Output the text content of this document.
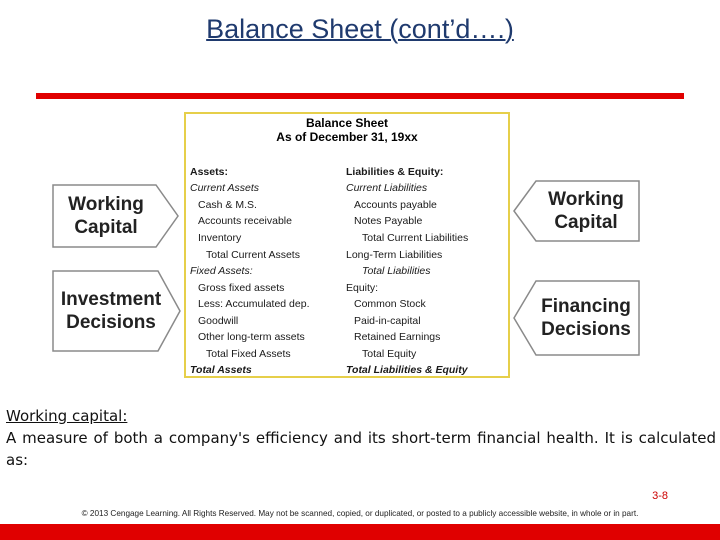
Balance Sheet (cont’d….)
Working
Capital
Investment
Decisions
Working
Capital
Financing
Decisions
Balance Sheet
As of December 31, 19xx
Assets:
Current Assets
Cash & M.S.
Accounts receivable
Inventory
Total Current Assets
Fixed Assets:
Gross fixed assets
Less: Accumulated dep.
Goodwill
Other long-term assets
Total Fixed Assets
Total Assets
Liabilities & Equity:
Current Liabilities
Accounts payable
Notes Payable
Total Current Liabilities
Long-Term Liabilities
Total Liabilities
Equity:
Common Stock
Paid-in-capital
Retained Earnings
Total Equity
Total Liabilities & Equity
Working capital:
A measure of both a company's efficiency and its short-term financial health. It is calculated as:
3-8
© 2013 Cengage Learning. All Rights Reserved. May not be scanned, copied, or duplicated, or posted to a publicly accessible website, in whole or in part.
